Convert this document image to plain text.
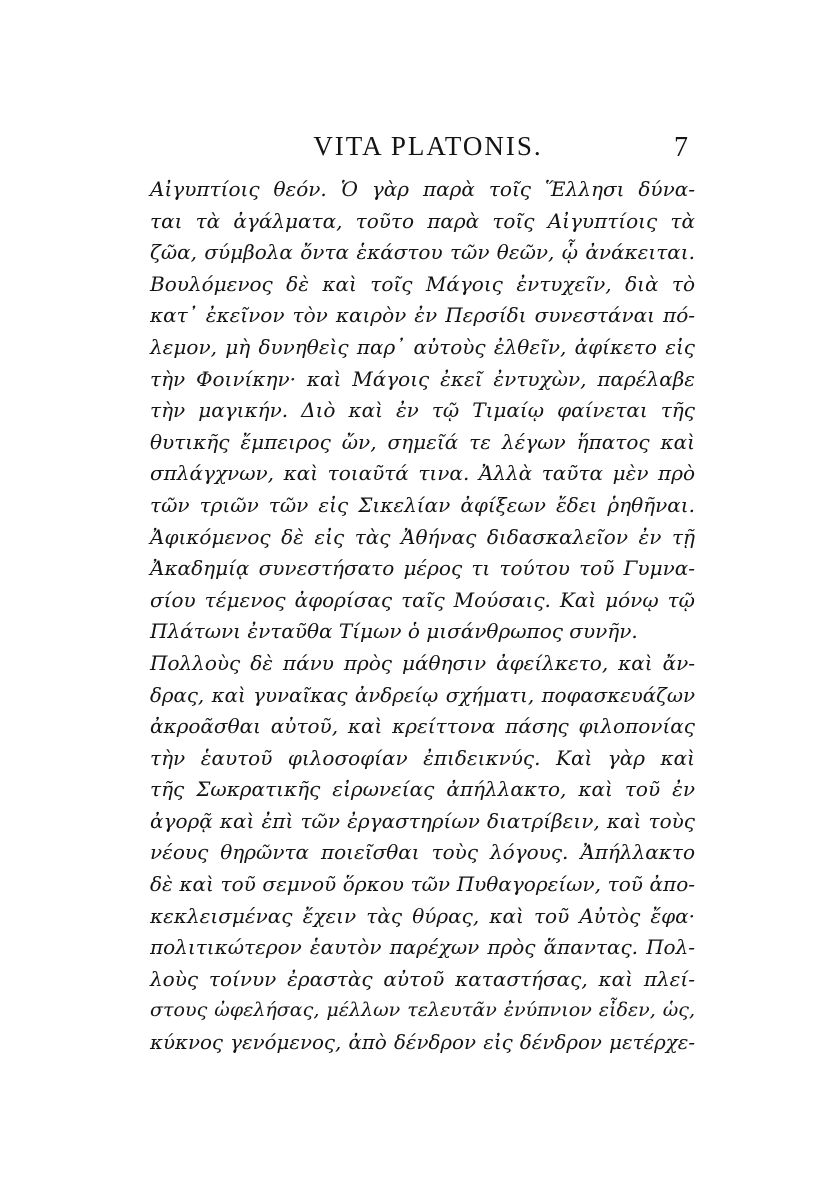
VITA PLATONIS.	7
Αἰγυπτίοις θεόν. Ὁ γὰρ παρὰ τοῖς Ἕλλησι δύνα-
ται τὰ ἀγάλματα, τοῦτο παρὰ τοῖς Αἰγυπτίοις τὰ
ζῶα, σύμβολα ὄντα ἑκάστου τῶν θεῶν, ᾧ ἀνάκειται.
Βουλόμενος δὲ καὶ τοῖς Μάγοις ἐντυχεῖν, διὰ τὸ
κατ᾽ ἐκεῖνον τὸν καιρὸν ἐν Περσίδι συνεστάναι πό-
λεμον, μὴ δυνηθεὶς παρ᾽ αὐτοὺς ἐλθεῖν, ἀφίκετο εἰς
τὴν Φοινίκην· καὶ Μάγοις ἐκεῖ ἐντυχὼν, παρέλαβε
τὴν μαγικήν. Διὸ καὶ ἐν τῷ Τιμαίῳ φαίνεται τῆς
θυτικῆς ἔμπειρος ὤν, σημεῖά τε λέγων ἥπατος καὶ
σπλάγχνων, καὶ τοιαῦτά τινα. Ἀλλὰ ταῦτα μὲν πρὸ
τῶν τριῶν τῶν εἰς Σικελίαν ἀφίξεων ἔδει ῥηθῆναι.
Ἀφικόμενος δὲ εἰς τὰς Ἀθήνας διδασκαλεῖον ἐν τῇ
Ἀκαδημίᾳ συνεστήσατο μέρος τι τούτου τοῦ Γυμνα-
σίου τέμενος ἀφορίσας ταῖς Μούσαις. Καὶ μόνῳ τῷ
Πλάτωνι ἐνταῦθα Τίμων ὁ μισάνθρωπος συνῆν.
Πολλοὺς δὲ πάνυ πρὸς μάθησιν ἀφείλκετο, καὶ ἄν-
δρας, καὶ γυναῖκας ἀνδρείῳ σχήματι, ποφασκευάζων
ἀκροᾶσθαι αὐτοῦ, καὶ κρείττονα πάσης φιλοπονίας
τὴν ἑαυτοῦ φιλοσοφίαν ἐπιδεικνύς. Καὶ γὰρ καὶ
τῆς Σωκρατικῆς εἰρωνείας ἀπήλλακτο, καὶ τοῦ ἐν
ἀγορᾷ καὶ ἐπὶ τῶν ἐργαστηρίων διατρίβειν, καὶ τοὺς
νέους θηρῶντα ποιεῖσθαι τοὺς λόγους. Ἀπήλλακτο
δὲ καὶ τοῦ σεμνοῦ ὅρκου τῶν Πυθαγορείων, τοῦ ἀπο-
κεκλεισμένας ἔχειν τὰς θύρας, καὶ τοῦ Αὐτὸς ἔφα·
πολιτικώτερον ἑαυτὸν παρέχων πρὸς ἅπαντας. Πολ-
λοὺς τοίνυν ἐραστὰς αὐτοῦ καταστήσας, καὶ πλεί-
στους ὠφελήσας, μέλλων τελευτᾶν ἐνύπνιον εἶδεν, ὡς,
κύκνος γενόμενος, ἀπὸ δένδρον εἰς δένδρον μετέρχε-
